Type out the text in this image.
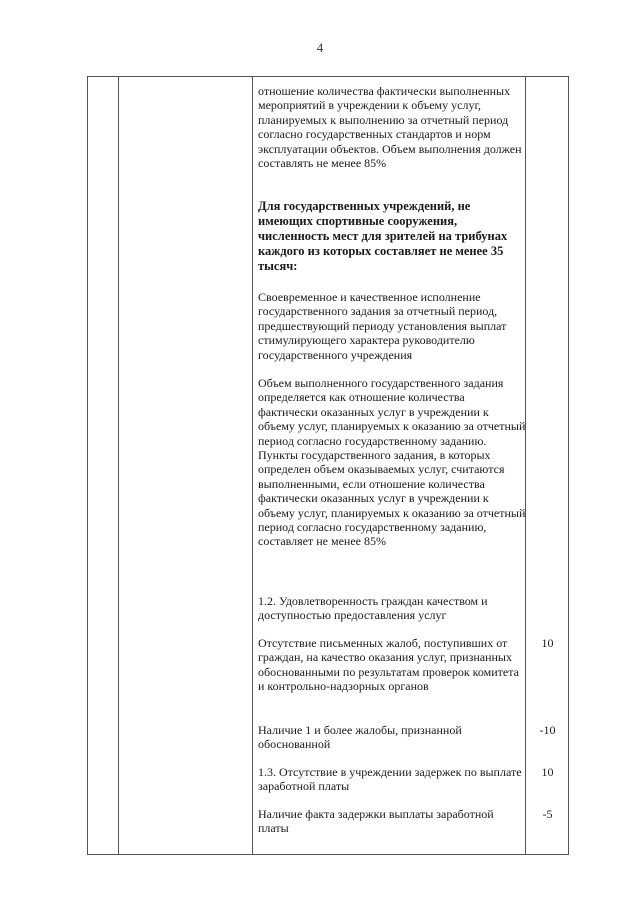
4
отношение количества фактически выполненных мероприятий в учреждении к объему услуг, планируемых к выполнению за отчетный период согласно государственных стандартов и норм эксплуатации объектов. Объем выполнения должен составлять не менее 85%
Для государственных учреждений, не имеющих спортивные сооружения, численность мест для зрителей на трибунах каждого из которых составляет не менее 35 тысяч:
Своевременное и качественное исполнение государственного задания за отчетный период, предшествующий периоду установления выплат стимулирующего характера руководителю государственного учреждения

Объем выполненного государственного задания определяется как отношение количества фактически оказанных услуг в учреждении к объему услуг, планируемых к оказанию за отчетный период согласно государственному заданию.

Пункты государственного задания, в которых определен объем оказываемых услуг, считаются выполненными, если отношение количества фактически оказанных услуг в учреждении к объему услуг, планируемых к оказанию за отчетный период согласно государственному заданию, составляет не менее 85%

1.2. Удовлетворенность граждан качеством и доступностью предоставления услуг
Отсутствие письменных жалоб, поступивших от граждан, на качество оказания услуг, признанных обоснованными по результатам проверок комитета и контрольно-надзорных органов
10
Наличие 1 и более жалобы, признанной обоснованной
-10
1.3. Отсутствие в учреждении задержек по выплате заработной платы
10
Наличие факта задержки выплаты заработной платы
-5
